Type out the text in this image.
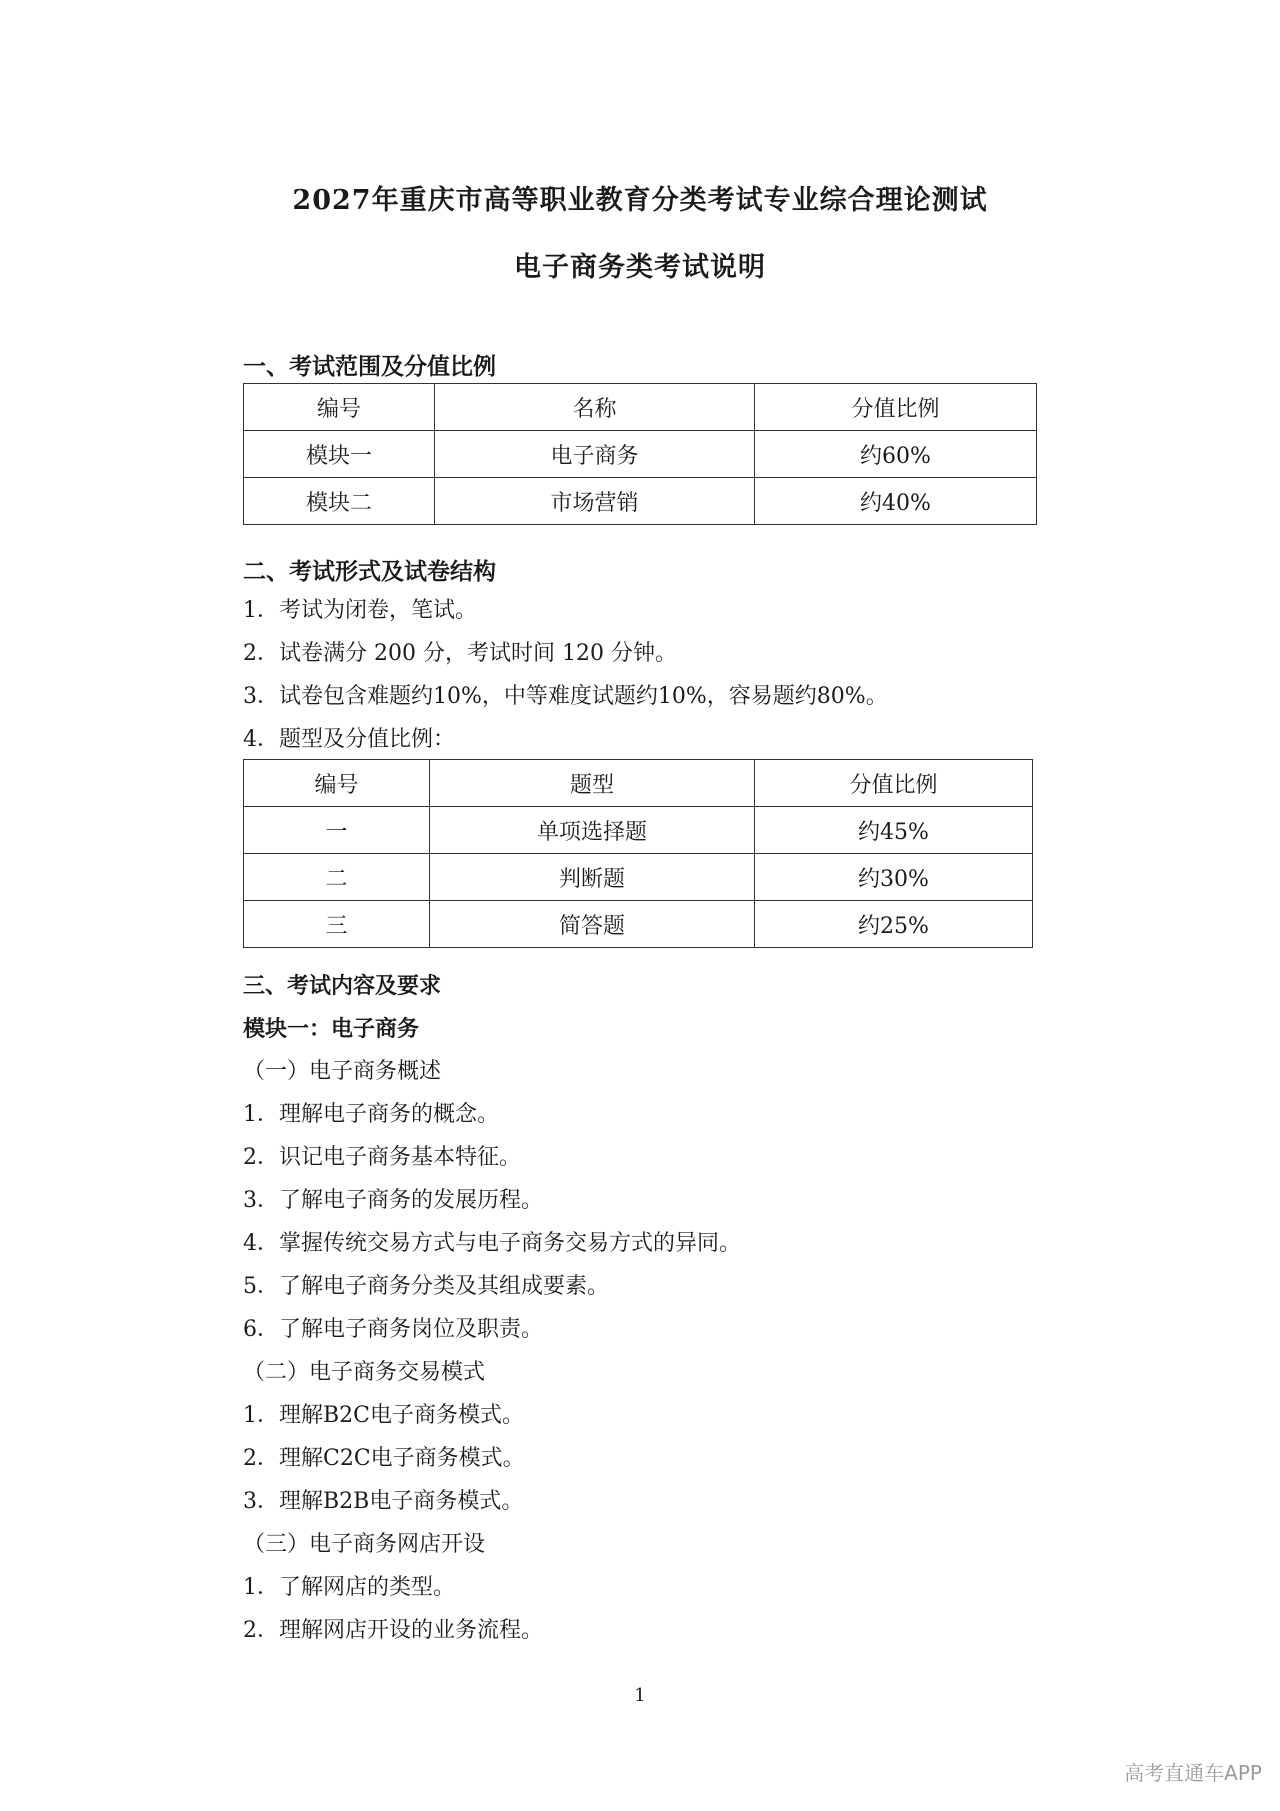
2027年重庆市高等职业教育分类考试专业综合理论测试
电子商务类考试说明
一、考试范围及分值比例
编号	名称	分值比例
模块一	电子商务	约60%
模块二	市场营销	约40%
二、考试形式及试卷结构
1．考试为闭卷，笔试。
2．试卷满分 200 分，考试时间 120 分钟。
3．试卷包含难题约10%，中等难度试题约10%，容易题约80%。
4．题型及分值比例：
编号	题型	分值比例
一	单项选择题	约45%
二	判断题	约30%
三	简答题	约25%
三、考试内容及要求
模块一：电子商务
（一）电子商务概述
1．理解电子商务的概念。
2．识记电子商务基本特征。
3．了解电子商务的发展历程。
4．掌握传统交易方式与电子商务交易方式的异同。
5．了解电子商务分类及其组成要素。
6．了解电子商务岗位及职责。
（二）电子商务交易模式
1．理解B2C电子商务模式。
2．理解C2C电子商务模式。
3．理解B2B电子商务模式。
（三）电子商务网店开设
1．了解网店的类型。
2．理解网店开设的业务流程。
1
高考直通车APP
